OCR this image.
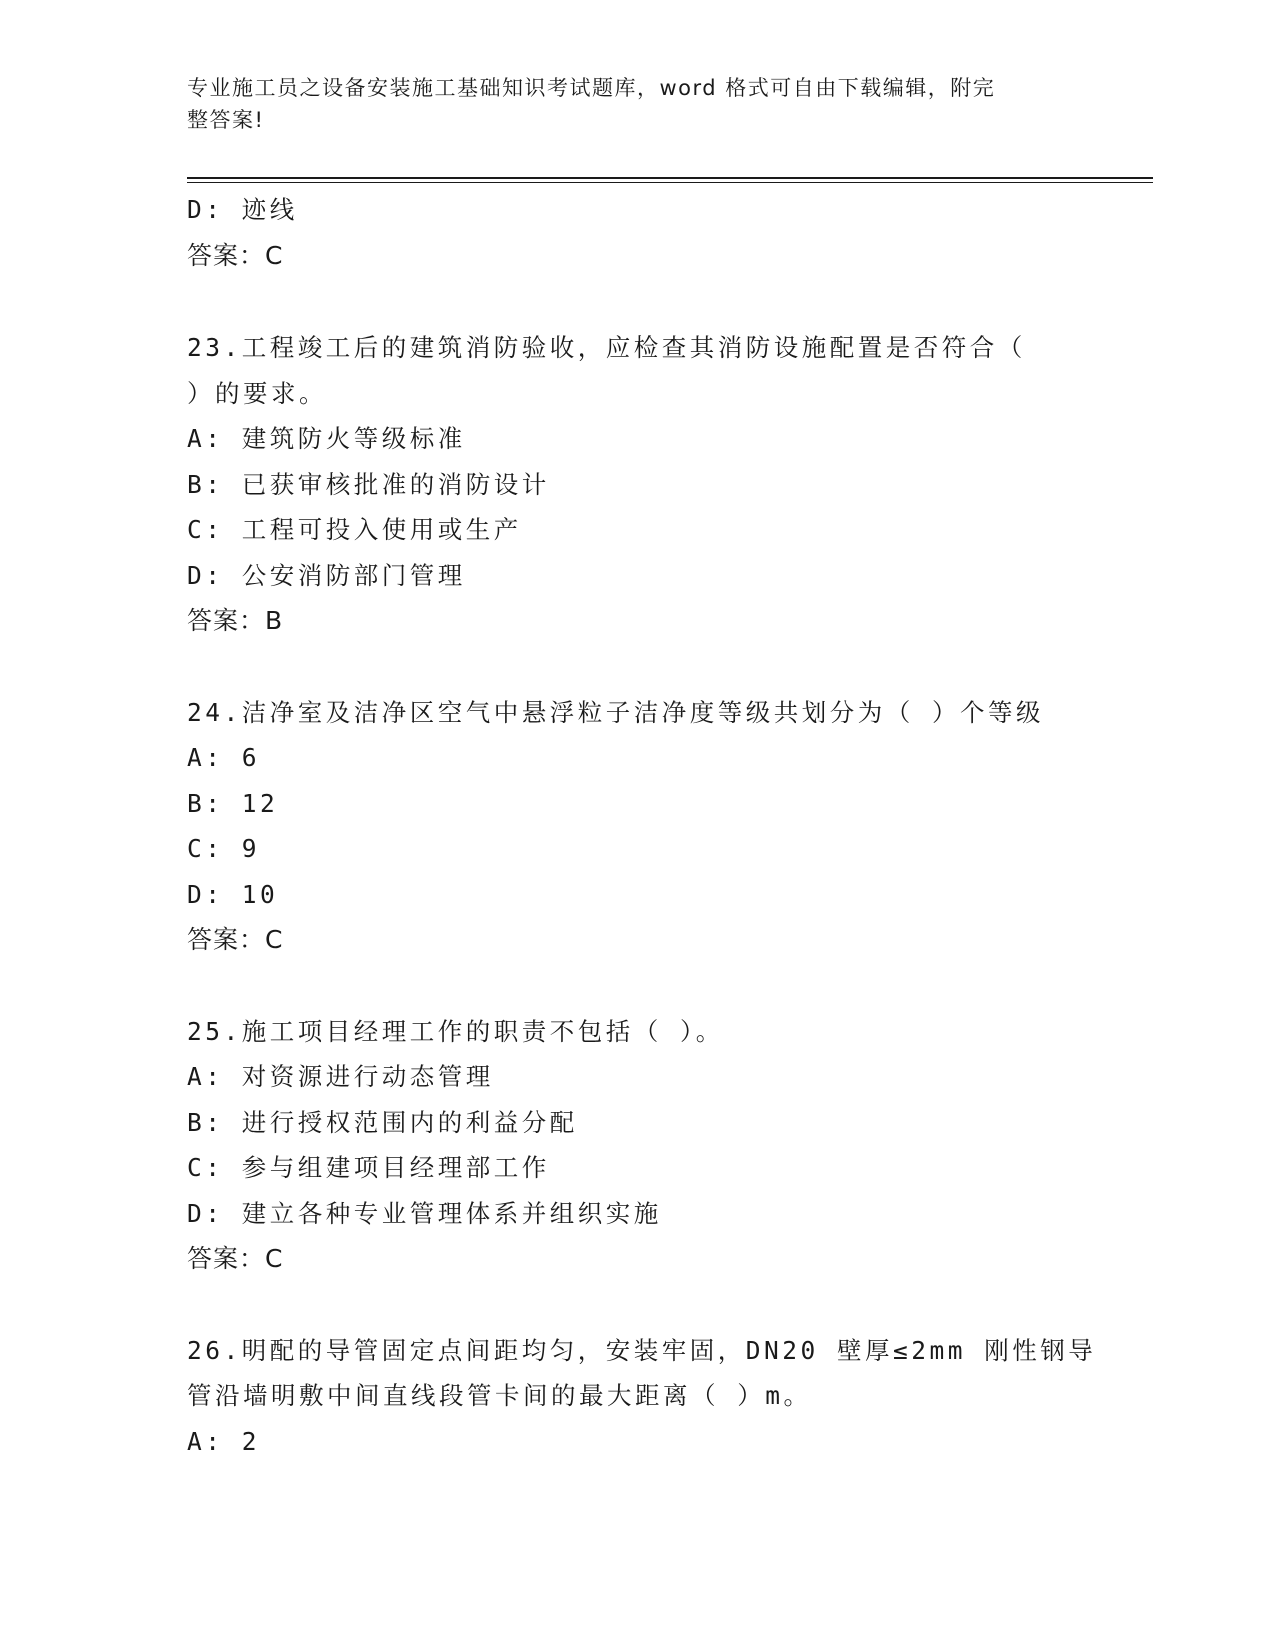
专业施工员之设备安装施工基础知识考试题库，word 格式可自由下载编辑，附完
整答案!
D: 迹线
答案：C
23.工程竣工后的建筑消防验收，应检查其消防设施配置是否符合（
）的要求。
A: 建筑防火等级标准
B: 已获审核批准的消防设计
C: 工程可投入使用或生产
D: 公安消防部门管理
答案：B
24.洁净室及洁净区空气中悬浮粒子洁净度等级共划分为（ ）个等级
A: 6
B: 12
C: 9
D: 10
答案：C
25.施工项目经理工作的职责不包括（ ）。
A: 对资源进行动态管理
B: 进行授权范围内的利益分配
C: 参与组建项目经理部工作
D: 建立各种专业管理体系并组织实施
答案：C
26.明配的导管固定点间距均匀，安装牢固，DN20 壁厚≤2mm 刚性钢导
管沿墙明敷中间直线段管卡间的最大距离（ ）m。
A: 2
